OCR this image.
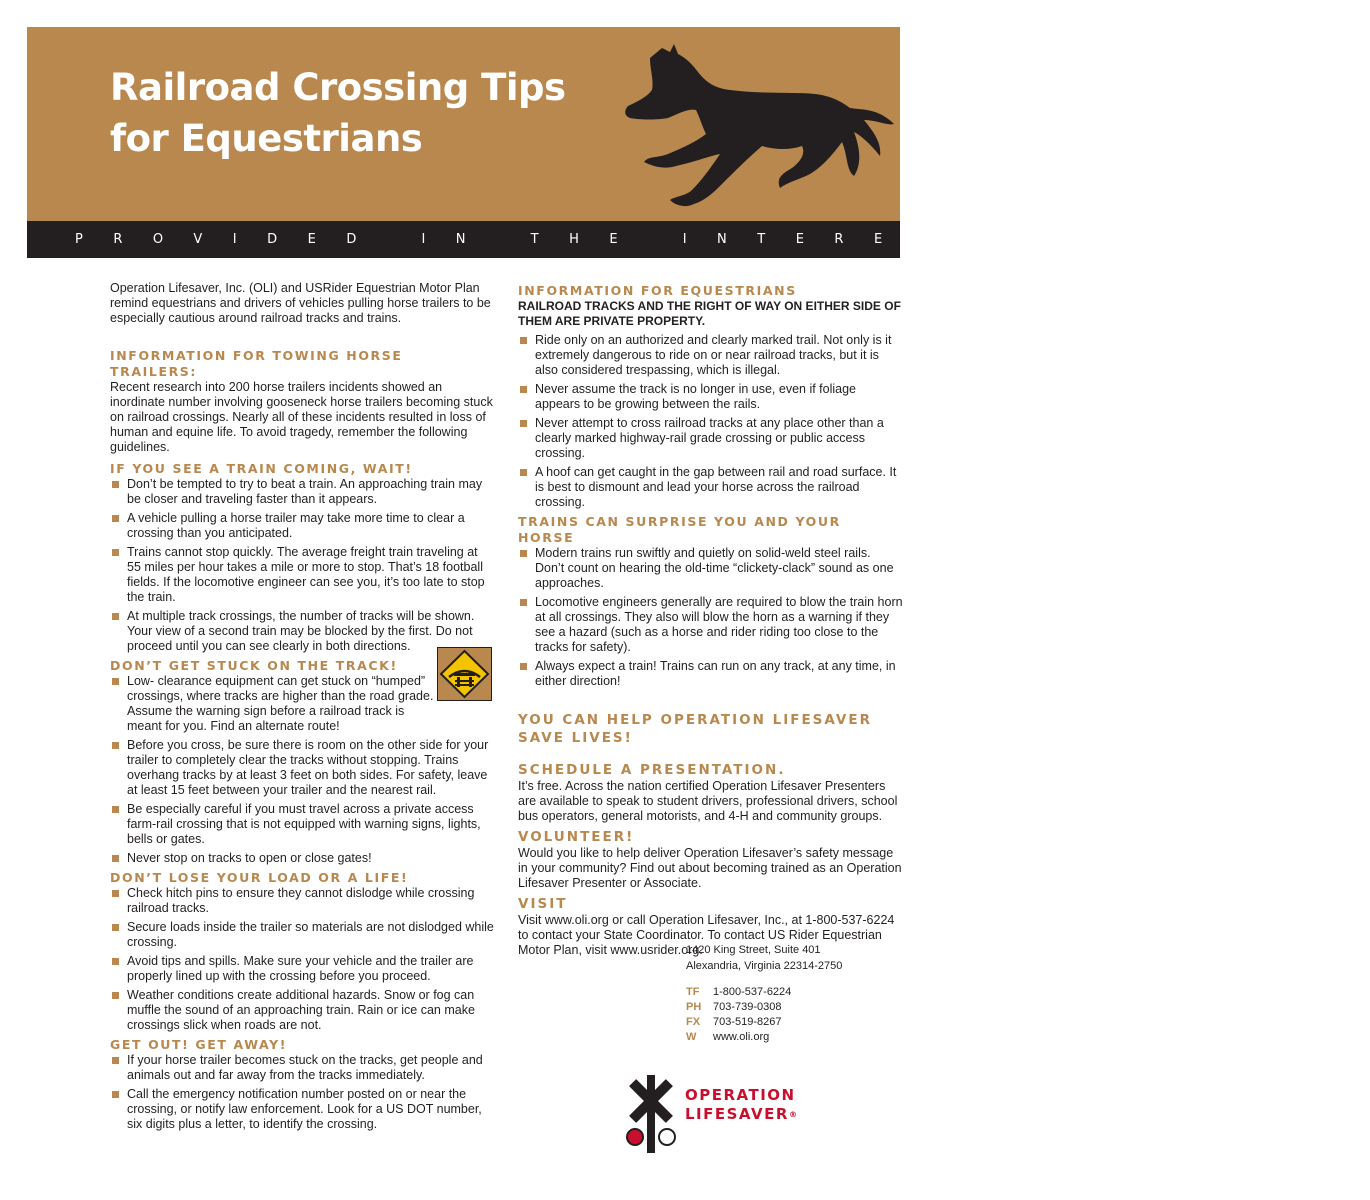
Railroad Crossing Tips
for Equestrians
PROVIDED IN THE INTEREST OF SAFETY

Operation Lifesaver, Inc. (OLI) and USRider Equestrian Motor Plan remind equestrians and drivers of vehicles pulling horse trailers to be especially cautious around railroad tracks and trains.

INFORMATION FOR TOWING HORSE TRAILERS:

Recent research into 200 horse trailers incidents showed an inordinate number involving gooseneck horse trailers becoming stuck on railroad crossings. Nearly all of these incidents resulted in loss of human and equine life. To avoid tragedy, remember the following guidelines.

IF YOU SEE A TRAIN COMING, WAIT!
Don’t be tempted to try to beat a train. An approaching train may be closer and traveling faster than it appears.
A vehicle pulling a horse trailer may take more time to clear a crossing than you anticipated.
Trains cannot stop quickly. The average freight train traveling at 55 miles per hour takes a mile or more to stop. That’s 18 football fields. If the locomotive engineer can see you, it’s too late to stop the train.
At multiple track crossings, the number of tracks will be shown. Your view of a second train may be blocked by the first. Do not proceed until you can see clearly in both directions.
DON’T GET STUCK ON THE TRACK!
Low- clearance equipment can get stuck on “humped” crossings, where tracks are higher than the road grade. Assume the warning sign before a railroad track is meant for you. Find an alternate route!
Before you cross, be sure there is room on the other side for your trailer to completely clear the tracks without stopping. Trains overhang tracks by at least 3 feet on both sides. For safety, leave at least 15 feet between your trailer and the nearest rail.
Be especially careful if you must travel across a private access farm-rail crossing that is not equipped with warning signs, lights, bells or gates.
Never stop on tracks to open or close gates!
DON’T LOSE YOUR LOAD OR A LIFE!
Check hitch pins to ensure they cannot dislodge while crossing railroad tracks.
Secure loads inside the trailer so materials are not dislodged while crossing.
Avoid tips and spills. Make sure your vehicle and the trailer are properly lined up with the crossing before you proceed.
Weather conditions create additional hazards. Snow or fog can muffle the sound of an approaching train. Rain or ice can make crossings slick when roads are not.
GET OUT! GET AWAY!
If your horse trailer becomes stuck on the tracks, get people and animals out and far away from the tracks immediately.
Call the emergency notification number posted on or near the crossing, or notify law enforcement. Look for a US DOT number, six digits plus a letter, to identify the crossing.
INFORMATION FOR EQUESTRIANS

RAILROAD TRACKS AND THE RIGHT OF WAY ON EITHER SIDE OF THEM ARE PRIVATE PROPERTY.

Ride only on an authorized and clearly marked trail. Not only is it extremely dangerous to ride on or near railroad tracks, but it is also considered trespassing, which is illegal.
Never assume the track is no longer in use, even if foliage appears to be growing between the rails.
Never attempt to cross railroad tracks at any place other than a clearly marked highway-rail grade crossing or public access crossing.
A hoof can get caught in the gap between rail and road surface. It is best to dismount and lead your horse across the railroad crossing.
TRAINS CAN SURPRISE YOU AND YOUR HORSE
Modern trains run swiftly and quietly on solid-weld steel rails. Don’t count on hearing the old-time “clickety-clack” sound as one approaches.
Locomotive engineers generally are required to blow the train horn at all crossings. They also will blow the horn as a warning if they see a hazard (such as a horse and rider riding too close to the tracks for safety).
Always expect a train! Trains can run on any track, at any time, in either direction!
YOU CAN HELP OPERATION LIFESAVER
SAVE LIVES!
SCHEDULE A PRESENTATION.

It’s free. Across the nation certified Operation Lifesaver Presenters are available to speak to student drivers, professional drivers, school bus operators, general motorists, and 4-H and community groups.

VOLUNTEER!

Would you like to help deliver Operation Lifesaver’s safety message in your community? Find out about becoming trained as an Operation Lifesaver Presenter or Associate.

VISIT

Visit www.oli.org or call Operation Lifesaver, Inc., at 1-800-537-6224 to contact your State Coordinator. To contact US Rider Equestrian Motor Plan, visit www.usrider.org.

1420 King Street, Suite 401
Alexandria, Virginia 22314-2750
TF	1-800-537-6224
PH	703-739-0308
FX	703-519-8267
W	www.oli.org
OPERATION
LIFESAVER®
